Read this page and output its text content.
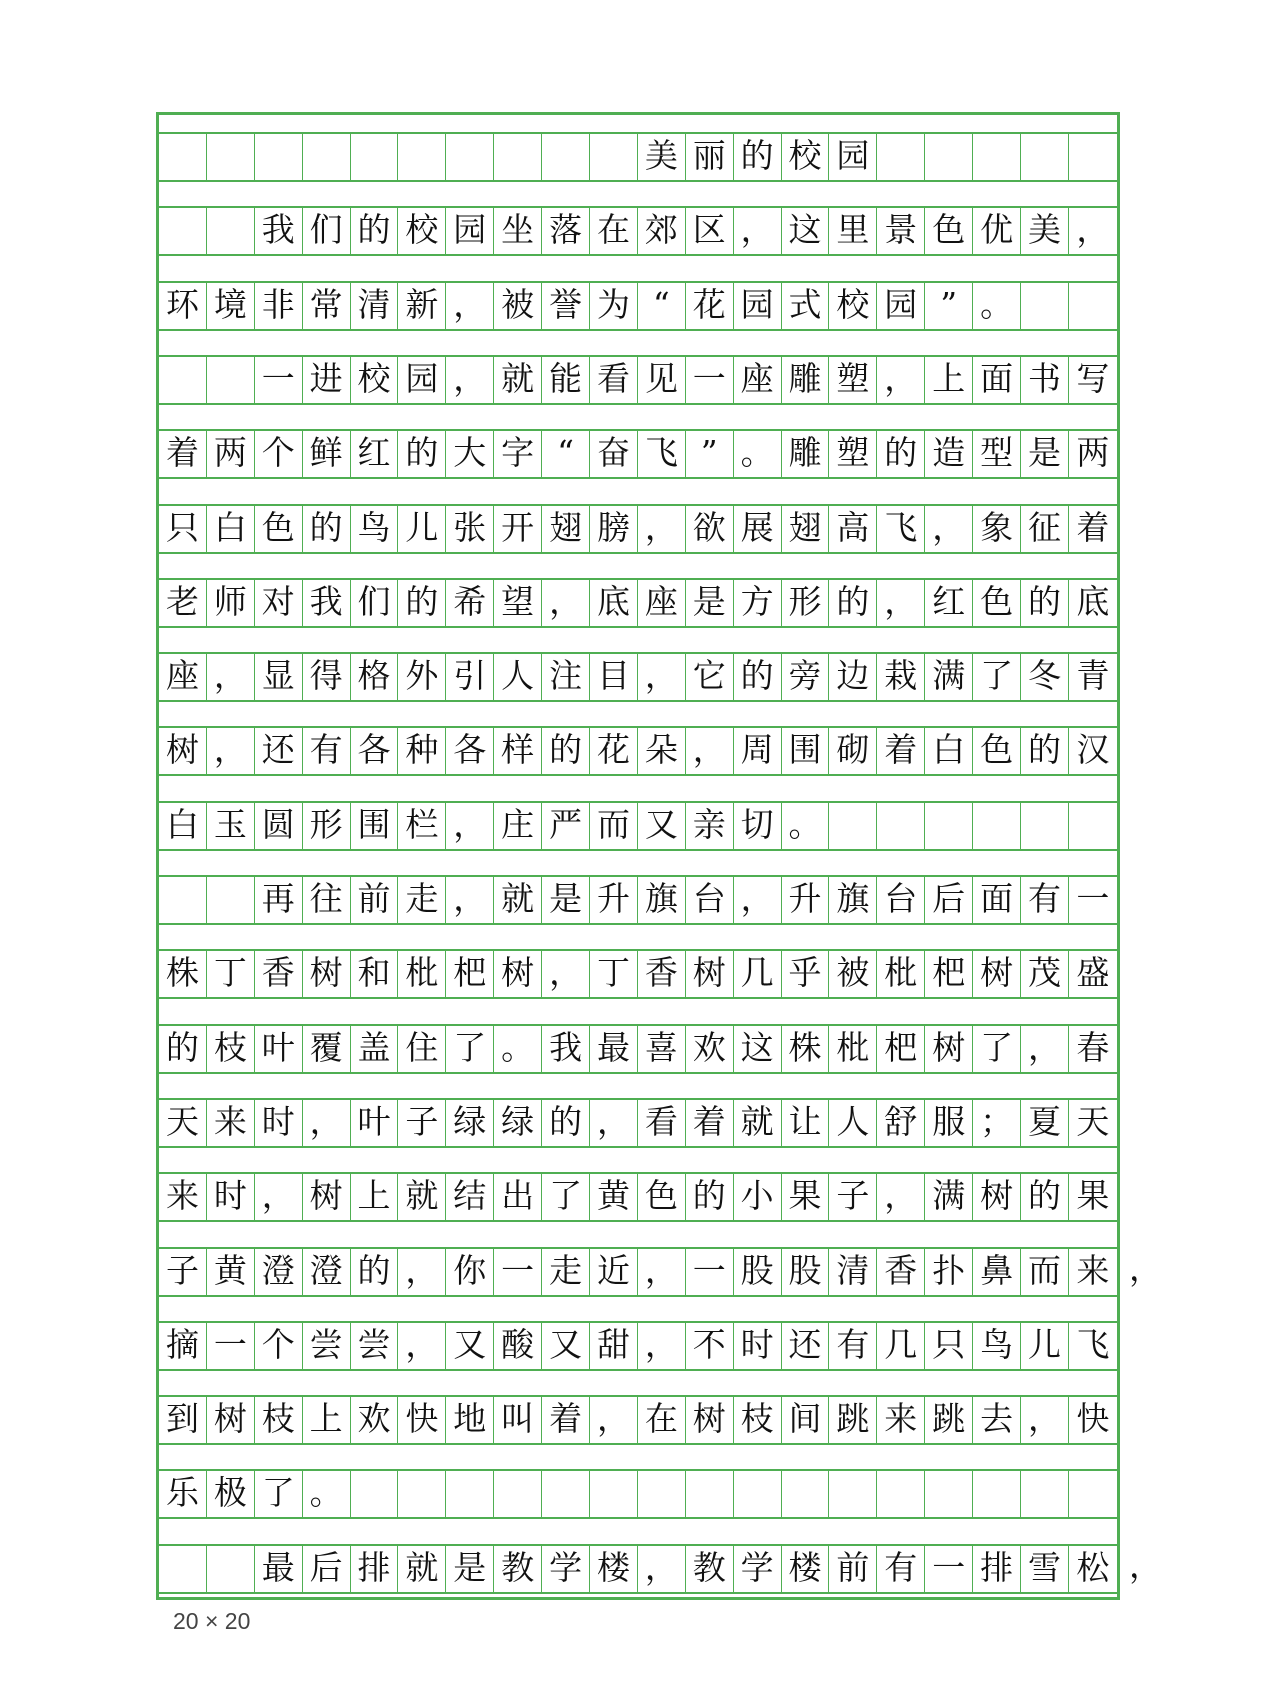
美 丽 的 校 园
我 们 的 校 园 坐 落 在 郊 区 ， 这 里 景 色 优 美 ，
环 境 非 常 清 新 ， 被 誉 为 “ 花 园 式 校 园 ” 。
一 进 校 园 ， 就 能 看 见 一 座 雕 塑 ， 上 面 书 写
着 两 个 鲜 红 的 大 字 “ 奋 飞 ” 。 雕 塑 的 造 型 是 两
只 白 色 的 鸟 儿 张 开 翅 膀 ， 欲 展 翅 高 飞 ， 象 征 着
老 师 对 我 们 的 希 望 ， 底 座 是 方 形 的 ， 红 色 的 底
座 ， 显 得 格 外 引 人 注 目 ， 它 的 旁 边 栽 满 了 冬 青
树 ， 还 有 各 种 各 样 的 花 朵 ， 周 围 砌 着 白 色 的 汉
白 玉 圆 形 围 栏 ， 庄 严 而 又 亲 切 。
再 往 前 走 ， 就 是 升 旗 台 ， 升 旗 台 后 面 有 一
株 丁 香 树 和 枇 杷 树 ， 丁 香 树 几 乎 被 枇 杷 树 茂 盛
的 枝 叶 覆 盖 住 了 。 我 最 喜 欢 这 株 枇 杷 树 了 ， 春
天 来 时 ， 叶 子 绿 绿 的 ， 看 着 就 让 人 舒 服 ； 夏 天
来 时 ， 树 上 就 结 出 了 黄 色 的 小 果 子 ， 满 树 的 果
子 黄 澄 澄 的 ， 你 一 走 近 ， 一 股 股 清 香 扑 鼻 而 来
摘 一 个 尝 尝 ， 又 酸 又 甜 ， 不 时 还 有 几 只 鸟 儿 飞
到 树 枝 上 欢 快 地 叫 着 ， 在 树 枝 间 跳 来 跳 去 ， 快
乐 极 了 。
最 后 排 就 是 教 学 楼 ， 教 学 楼 前 有 一 排 雪 松
，
，
20 × 20
